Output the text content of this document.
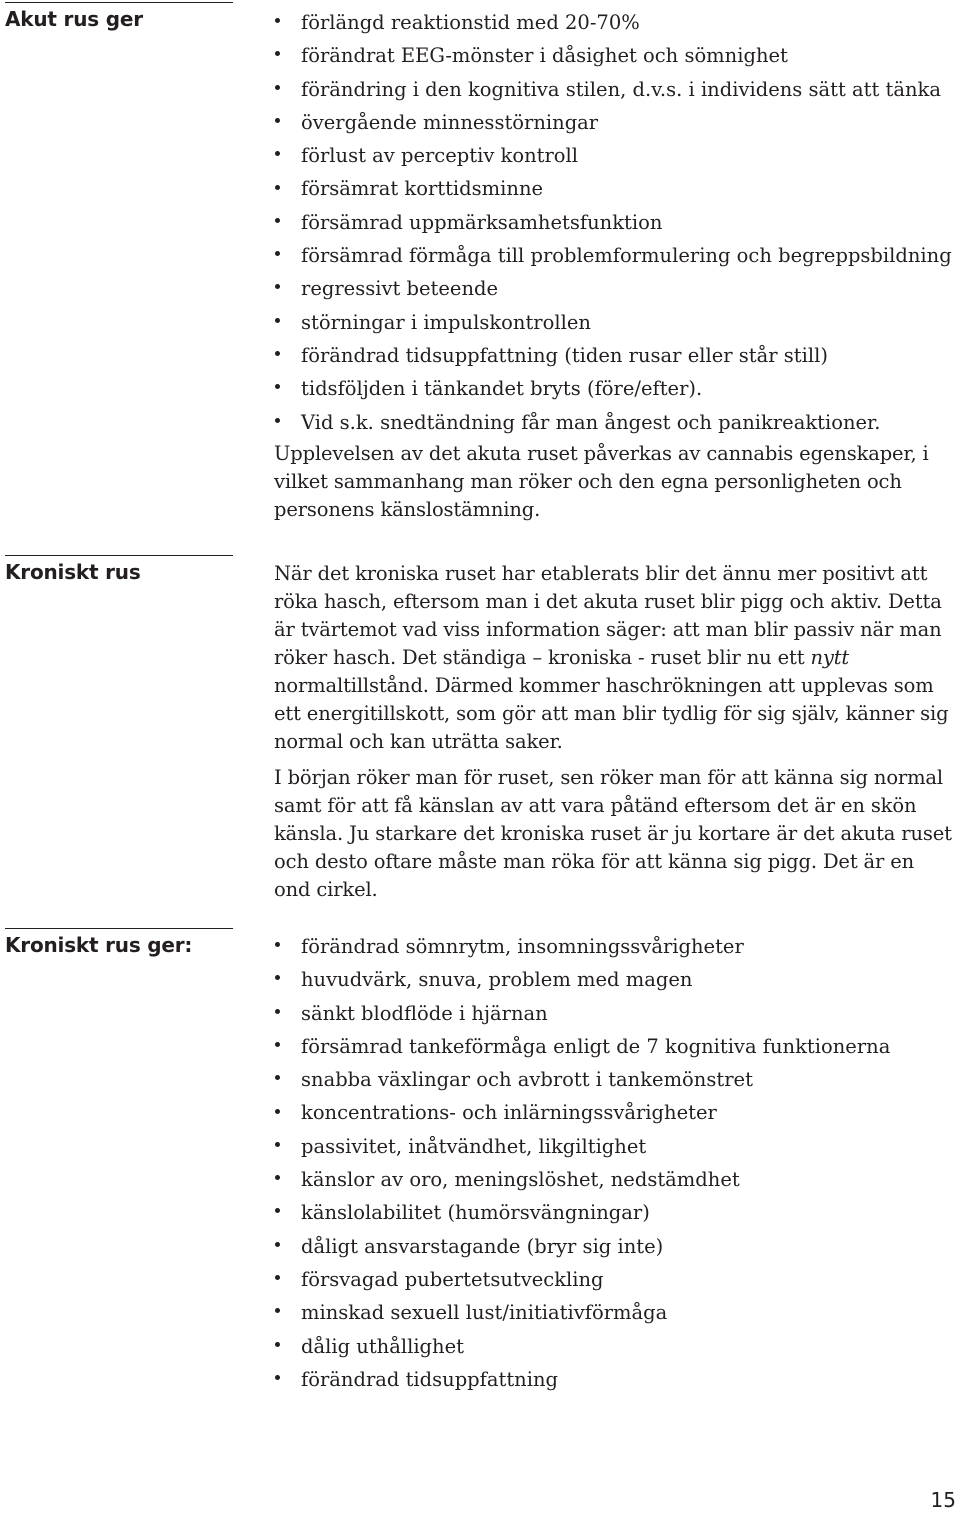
Akut rus ger	förlängd reaktionstid med 20-70%
förändrat EEG-mönster i dåsighet och sömnighet
förändring i den kognitiva stilen, d.v.s. i individens sätt att tänka
övergående minnesstörningar
förlust av perceptiv kontroll
försämrat korttidsminne
försämrad uppmärksamhetsfunktion
försämrad förmåga till problemformulering och begreppsbildning
regressivt beteende
störningar i impulskontrollen
förändrad tidsuppfattning (tiden rusar eller står still)
tidsföljden i tänkandet bryts (före/efter).
Vid s.k. snedtändning får man ångest och panikreaktioner.

Upplevelsen av det akuta ruset påverkas av cannabis egenskaper, i vilket sammanhang man röker och den egna personligheten och personens känslostämning.

Kroniskt rus	När det kroniska ruset har etablerats blir det ännu mer positivt att röka hasch, eftersom man i det akuta ruset blir pigg och aktiv. Detta är tvärtemot vad viss information säger: att man blir passiv när man röker hasch. Det ständiga – kroniska - ruset blir nu ett nytt normaltillstånd. Därmed kommer haschrökningen att upplevas som ett energitillskott, som gör att man blir tydlig för sig själv, känner sig normal och kan uträtta saker.

I början röker man för ruset, sen röker man för att känna sig normal samt för att få känslan av att vara påtänd eftersom det är en skön känsla. Ju starkare det kroniska ruset är ju kortare är det akuta ruset och desto oftare måste man röka för att känna sig pigg. Det är en ond cirkel.

Kroniskt rus ger:	förändrad sömnrytm, insomningssvårigheter
huvudvärk, snuva, problem med magen
sänkt blodflöde i hjärnan
försämrad tankeförmåga enligt de 7 kognitiva funktionerna
snabba växlingar och avbrott i tankemönstret
koncentrations- och inlärningssvårigheter
passivitet, inåtvändhet, likgiltighet
känslor av oro, meningslöshet, nedstämdhet
känslolabilitet (humörsvängningar)
dåligt ansvarstagande (bryr sig inte)
försvagad pubertetsutveckling
minskad sexuell lust/initiativförmåga
dålig uthållighet
förändrad tidsuppfattning
15
